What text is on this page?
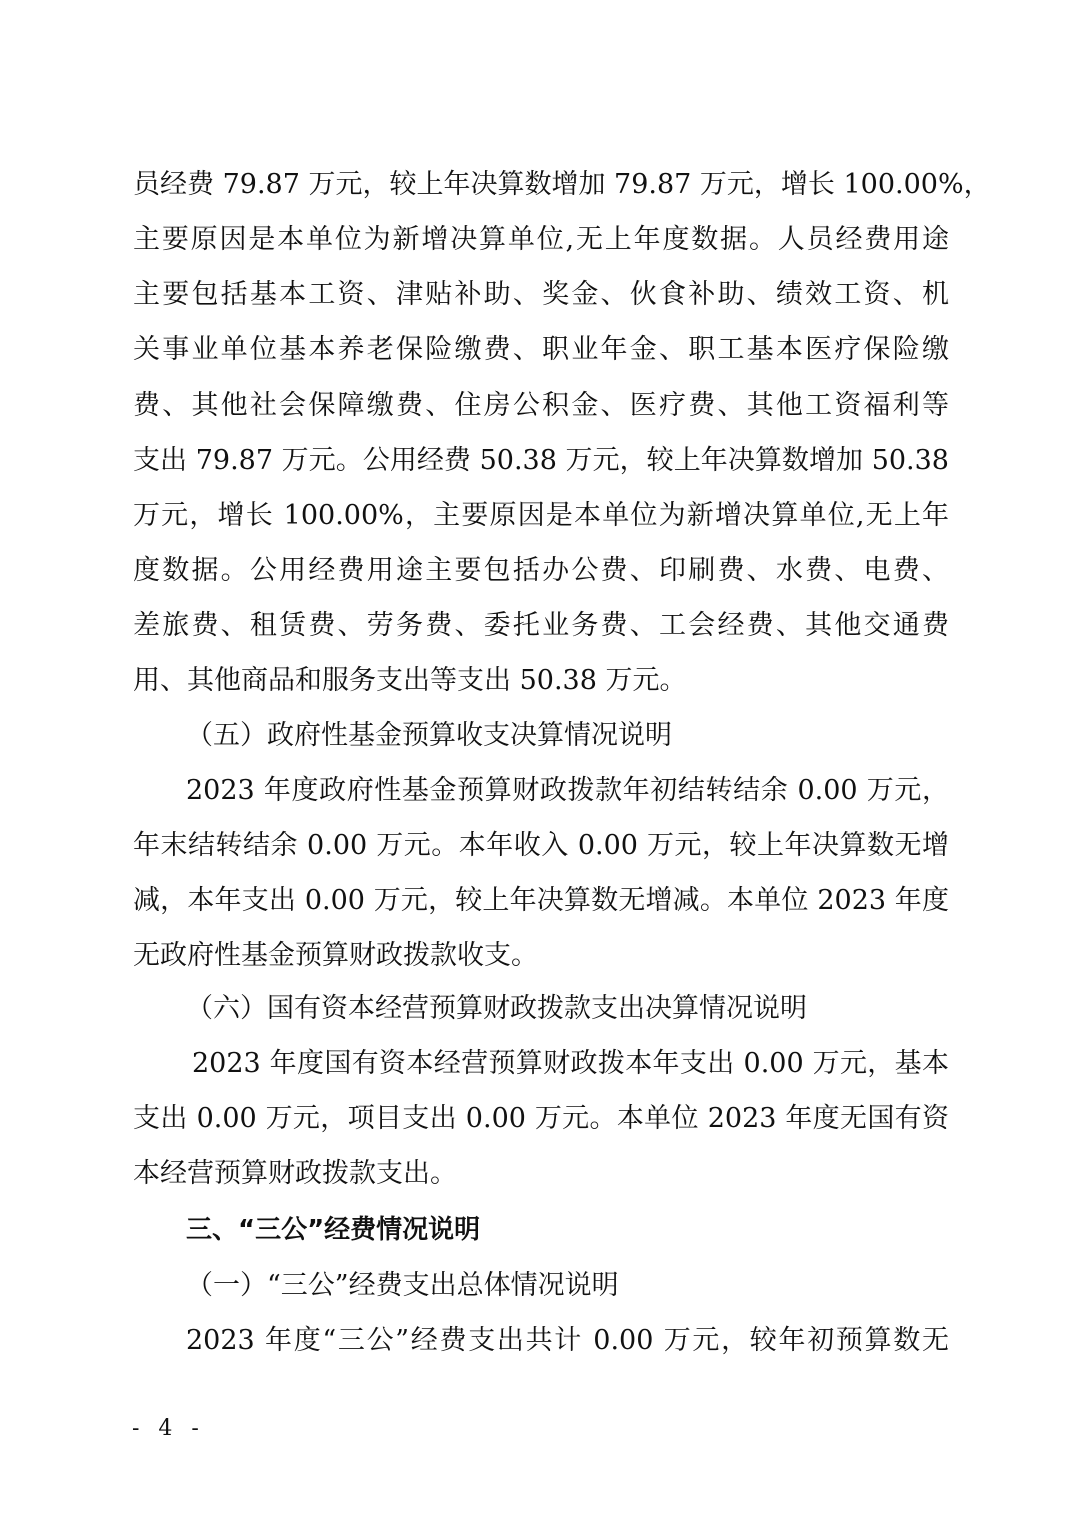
员经费 79.87 万元，较上年决算数增加 79.87 万元，增长 100.00%，
主要原因是本单位为新增决算单位,无上年度数据。人员经费用途
主要包括基本工资、津贴补助、奖金、伙食补助、绩效工资、机
关事业单位基本养老保险缴费、职业年金、职工基本医疗保险缴
费、其他社会保障缴费、住房公积金、医疗费、其他工资福利等
支出 79.87 万元。公用经费 50.38 万元，较上年决算数增加 50.38
万元，增长 100.00%，主要原因是本单位为新增决算单位,无上年
度数据。公用经费用途主要包括办公费、印刷费、水费、电费、
差旅费、租赁费、劳务费、委托业务费、工会经费、其他交通费
用、其他商品和服务支出等支出 50.38 万元。
（五）政府性基金预算收支决算情况说明
2023 年度政府性基金预算财政拨款年初结转结余 0.00 万元，
年末结转结余 0.00 万元。本年收入 0.00 万元，较上年决算数无增
减，本年支出 0.00 万元，较上年决算数无增减。本单位 2023 年度
无政府性基金预算财政拨款收支。
（六）国有资本经营预算财政拨款支出决算情况说明
2023 年度国有资本经营预算财政拨本年支出 0.00 万元，基本
支出 0.00 万元，项目支出 0.00 万元。本单位 2023 年度无国有资
本经营预算财政拨款支出。
三、“三公”经费情况说明
（一）“三公”经费支出总体情况说明
2023 年度“三公”经费支出共计 0.00 万元，较年初预算数无
- 4 -
